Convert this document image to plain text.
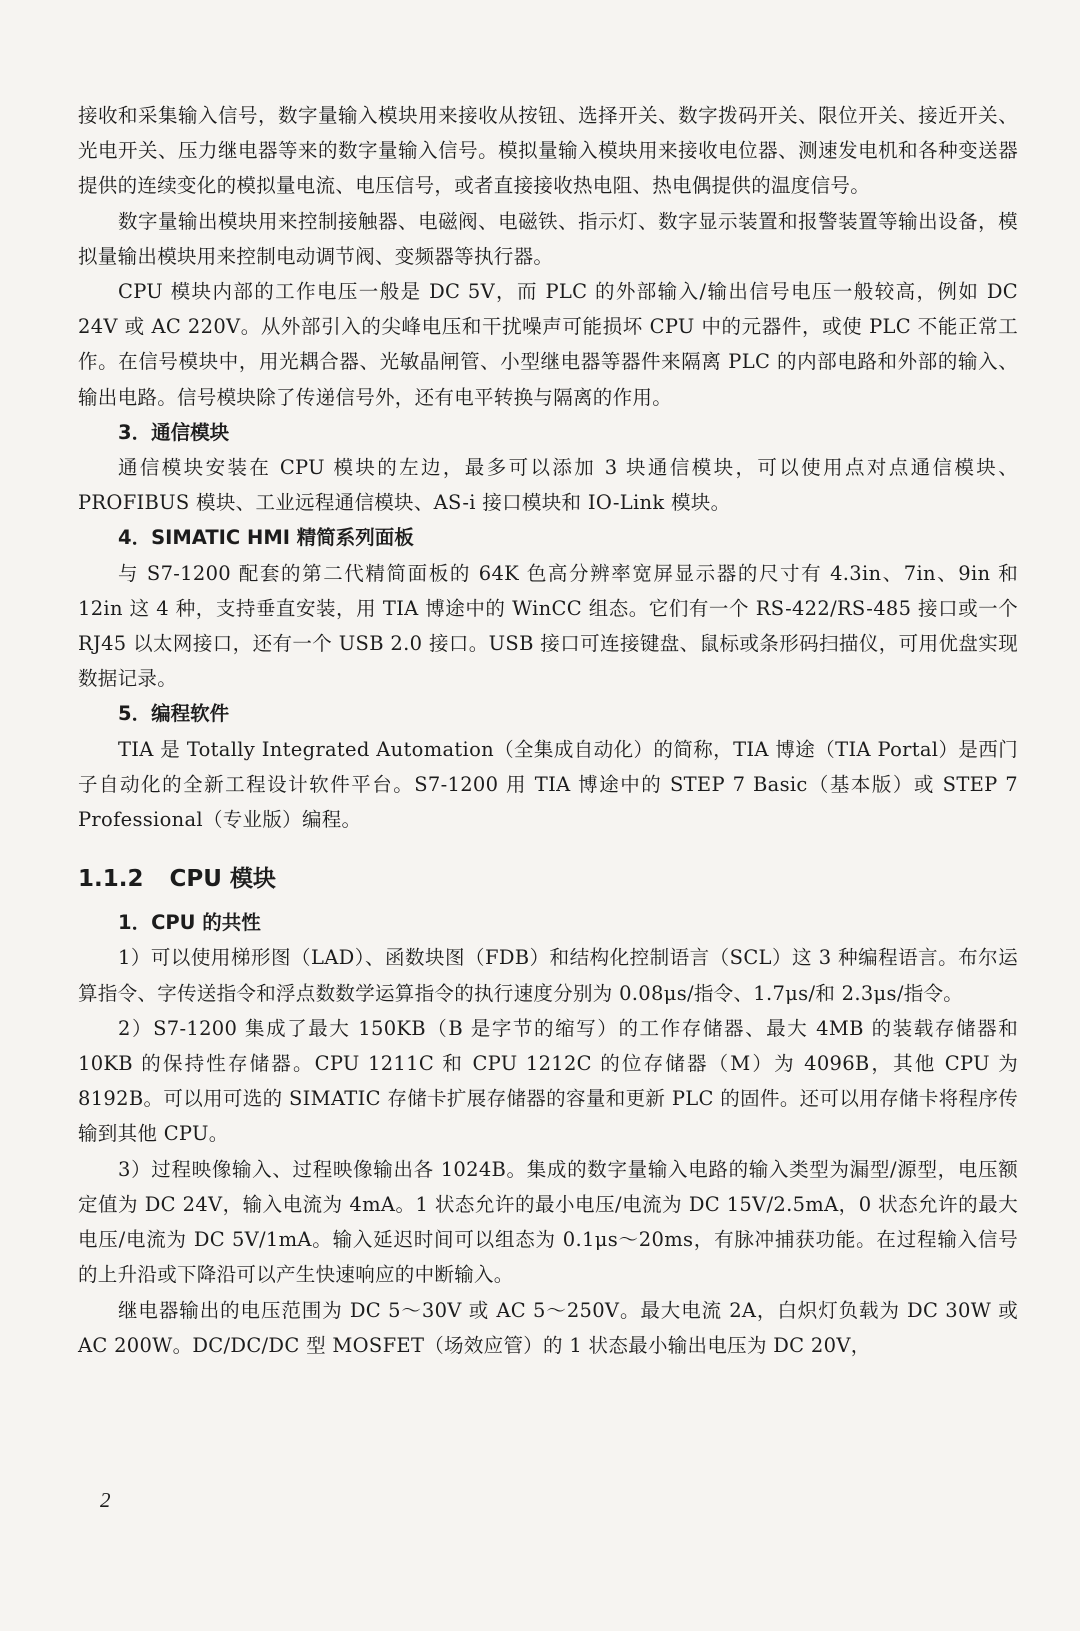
接收和采集输入信号，数字量输入模块用来接收从按钮、选择开关、数字拨码开关、限位开关、接近开关、光电开关、压力继电器等来的数字量输入信号。模拟量输入模块用来接收电位器、测速发电机和各种变送器提供的连续变化的模拟量电流、电压信号，或者直接接收热电阻、热电偶提供的温度信号。

数字量输出模块用来控制接触器、电磁阀、电磁铁、指示灯、数字显示装置和报警装置等输出设备，模拟量输出模块用来控制电动调节阀、变频器等执行器。

CPU 模块内部的工作电压一般是 DC 5V，而 PLC 的外部输入/输出信号电压一般较高，例如 DC 24V 或 AC 220V。从外部引入的尖峰电压和干扰噪声可能损坏 CPU 中的元器件，或使 PLC 不能正常工作。在信号模块中，用光耦合器、光敏晶闸管、小型继电器等器件来隔离 PLC 的内部电路和外部的输入、输出电路。信号模块除了传递信号外，还有电平转换与隔离的作用。

3．通信模块

通信模块安装在 CPU 模块的左边，最多可以添加 3 块通信模块，可以使用点对点通信模块、PROFIBUS 模块、工业远程通信模块、AS-i 接口模块和 IO-Link 模块。

4．SIMATIC HMI 精简系列面板

与 S7-1200 配套的第二代精简面板的 64K 色高分辨率宽屏显示器的尺寸有 4.3in、7in、9in 和 12in 这 4 种，支持垂直安装，用 TIA 博途中的 WinCC 组态。它们有一个 RS-422/RS-485 接口或一个 RJ45 以太网接口，还有一个 USB 2.0 接口。USB 接口可连接键盘、鼠标或条形码扫描仪，可用优盘实现数据记录。

5．编程软件

TIA 是 Totally Integrated Automation（全集成自动化）的简称，TIA 博途（TIA Portal）是西门子自动化的全新工程设计软件平台。S7-1200 用 TIA 博途中的 STEP 7 Basic（基本版）或 STEP 7 Professional（专业版）编程。

1.1.2 CPU 模块
1．CPU 的共性

1）可以使用梯形图（LAD）、函数块图（FDB）和结构化控制语言（SCL）这 3 种编程语言。布尔运算指令、字传送指令和浮点数数学运算指令的执行速度分别为 0.08μs/指令、1.7μs/和 2.3μs/指令。

2）S7-1200 集成了最大 150KB（B 是字节的缩写）的工作存储器、最大 4MB 的装载存储器和 10KB 的保持性存储器。CPU 1211C 和 CPU 1212C 的位存储器（M）为 4096B，其他 CPU 为 8192B。可以用可选的 SIMATIC 存储卡扩展存储器的容量和更新 PLC 的固件。还可以用存储卡将程序传输到其他 CPU。

3）过程映像输入、过程映像输出各 1024B。集成的数字量输入电路的输入类型为漏型/源型，电压额定值为 DC 24V，输入电流为 4mA。1 状态允许的最小电压/电流为 DC 15V/2.5mA，0 状态允许的最大电压/电流为 DC 5V/1mA。输入延迟时间可以组态为 0.1μs～20ms，有脉冲捕获功能。在过程输入信号的上升沿或下降沿可以产生快速响应的中断输入。

继电器输出的电压范围为 DC 5～30V 或 AC 5～250V。最大电流 2A，白炽灯负载为 DC 30W 或 AC 200W。DC/DC/DC 型 MOSFET（场效应管）的 1 状态最小输出电压为 DC 20V，

2
